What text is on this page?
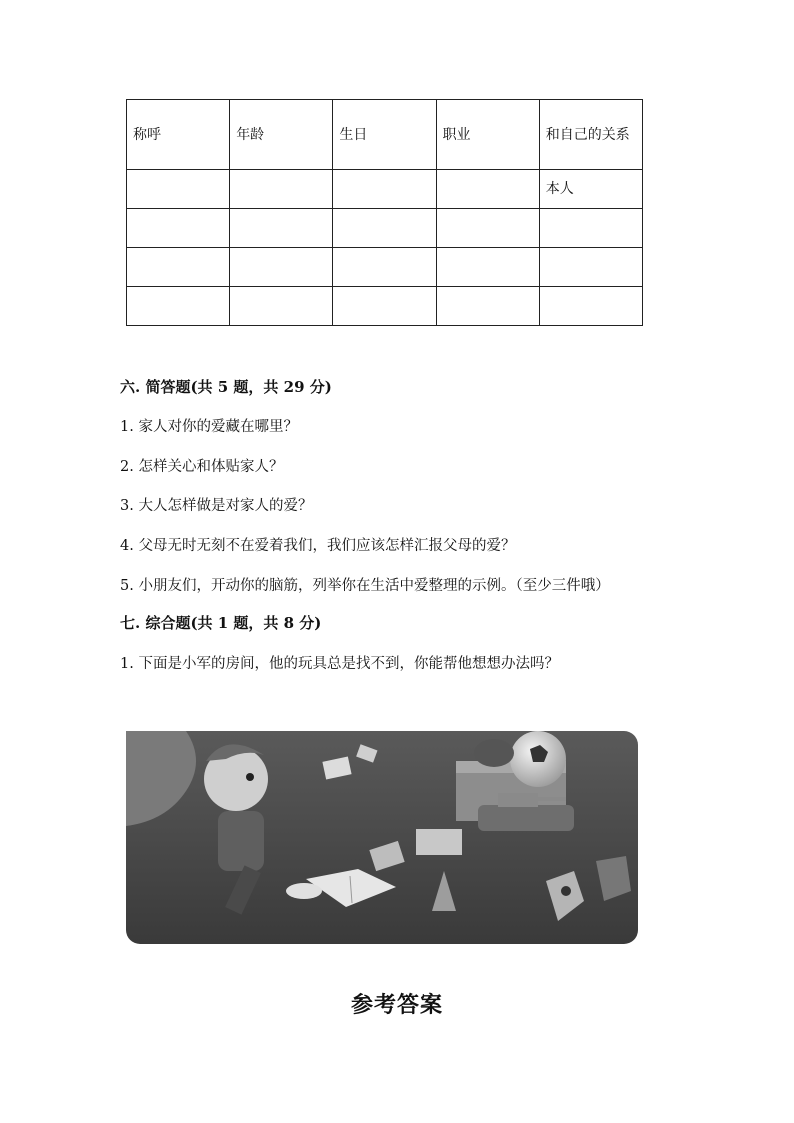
称呼	年龄	生日	职业	和自己的关系
				本人

六. 简答题(共 5 题，共 29 分)
1. 家人对你的爱藏在哪里？
2. 怎样关心和体贴家人？
3. 大人怎样做是对家人的爱？
4. 父母无时无刻不在爱着我们，我们应该怎样汇报父母的爱？
5. 小朋友们，开动你的脑筋，列举你在生活中爱整理的示例。（至少三件哦）
七. 综合题(共 1 题，共 8 分)
1. 下面是小军的房间，他的玩具总是找不到，你能帮他想想办法吗？
参考答案
